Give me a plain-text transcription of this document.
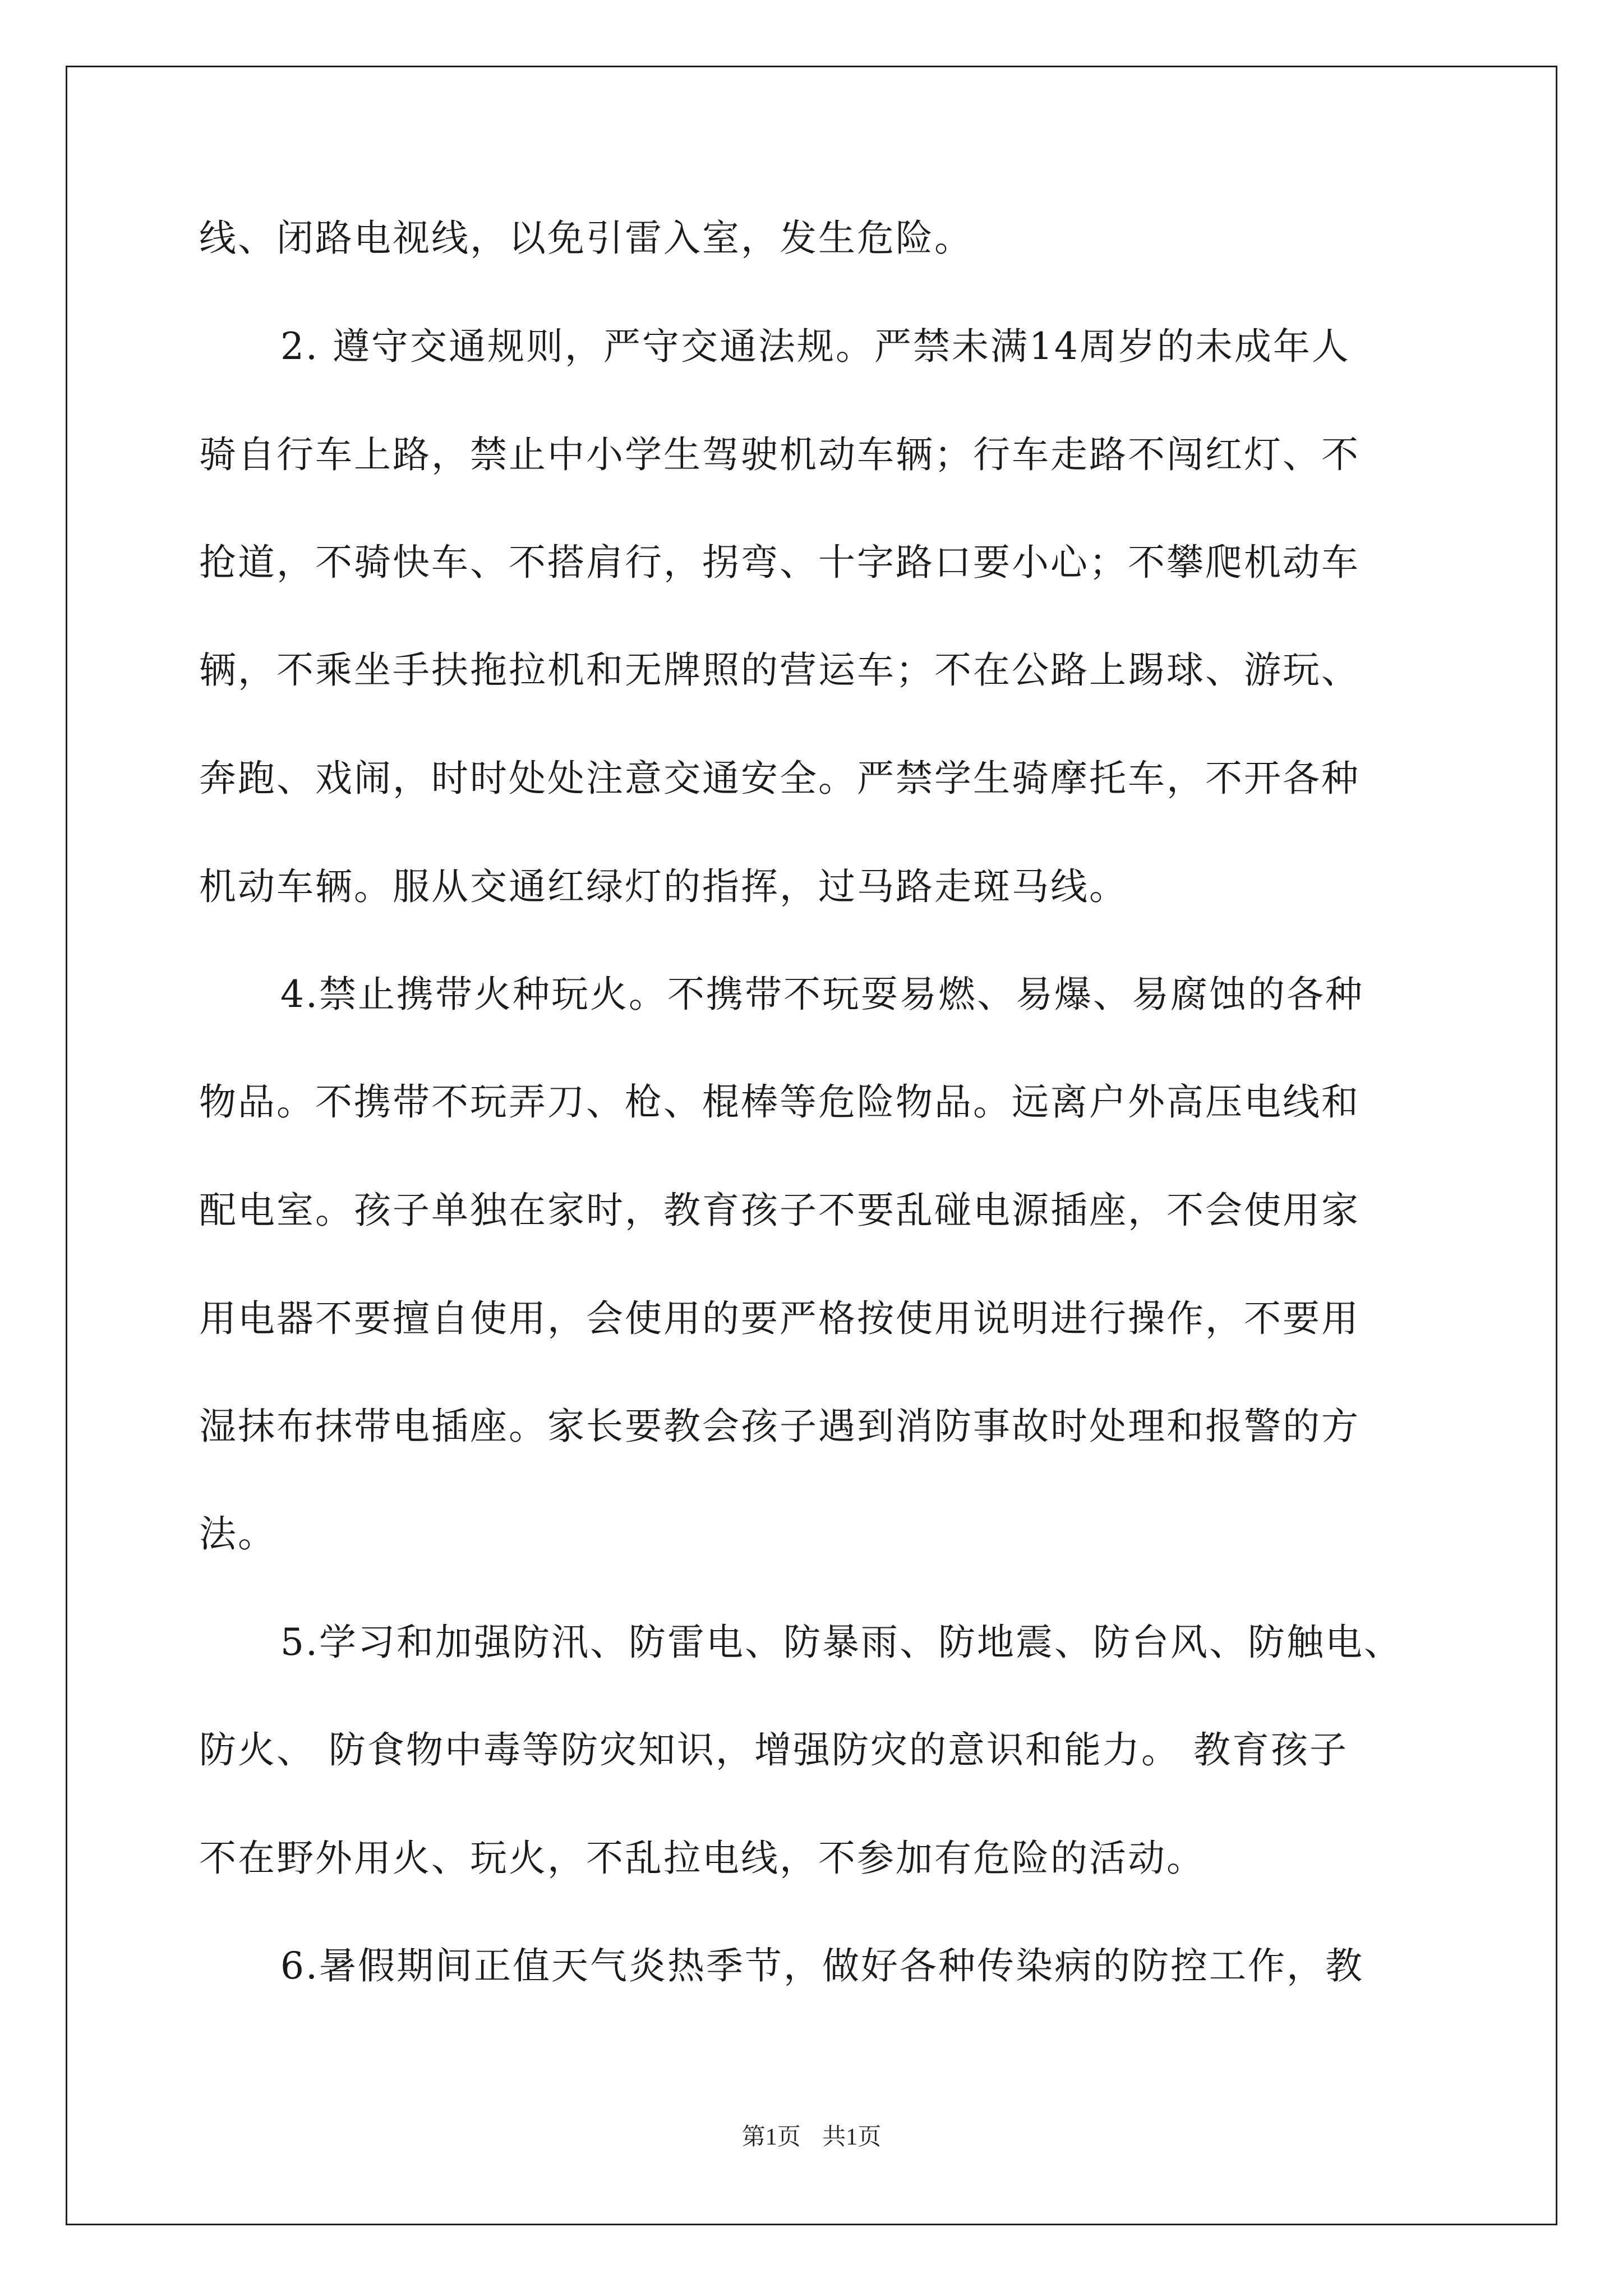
线、闭路电视线，以免引雷入室，发生危险。
2. 遵守交通规则，严守交通法规。严禁未满14周岁的未成年人
骑自行车上路，禁止中小学生驾驶机动车辆；行车走路不闯红灯、不
抢道，不骑快车、不搭肩行，拐弯、十字路口要小心；不攀爬机动车
辆，不乘坐手扶拖拉机和无牌照的营运车；不在公路上踢球、游玩、
奔跑、戏闹，时时处处注意交通安全。严禁学生骑摩托车，不开各种
机动车辆。服从交通红绿灯的指挥，过马路走斑马线。
4.禁止携带火种玩火。不携带不玩耍易燃、易爆、易腐蚀的各种
物品。不携带不玩弄刀、枪、棍棒等危险物品。远离户外高压电线和
配电室。孩子单独在家时，教育孩子不要乱碰电源插座，不会使用家
用电器不要擅自使用，会使用的要严格按使用说明进行操作，不要用
湿抹布抹带电插座。家长要教会孩子遇到消防事故时处理和报警的方
法。
5.学习和加强防汛、防雷电、防暴雨、防地震、防台风、防触电、
防火、 防食物中毒等防灾知识，增强防灾的意识和能力。 教育孩子
不在野外用火、玩火，不乱拉电线，不参加有危险的活动。
6.暑假期间正值天气炎热季节，做好各种传染病的防控工作，教
第1页 共1页
